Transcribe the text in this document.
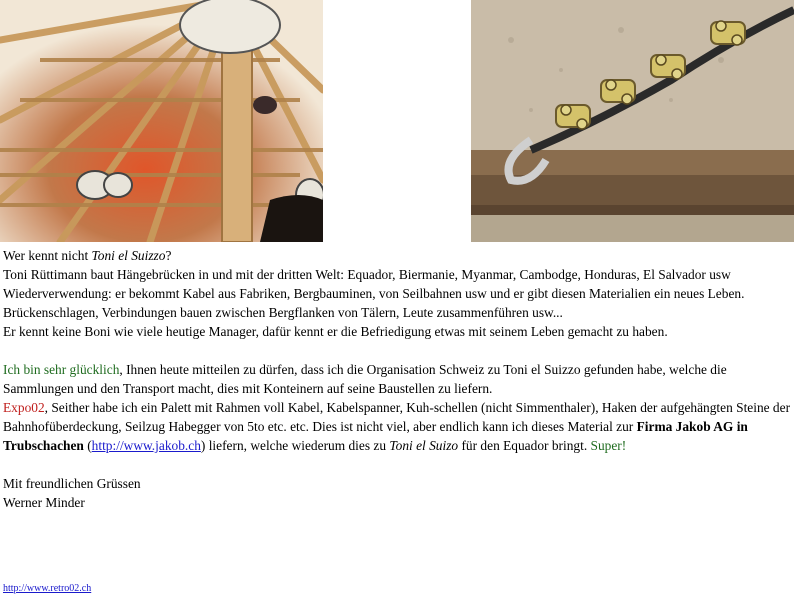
Wer kennt nicht Toni el Suizzo?

Toni Rüttimann baut Hängebrücken in und mit der dritten Welt: Equador, Biermanie, Myanmar, Cambodge, Honduras, El Salvador usw

Wiederverwendung: er bekommt Kabel aus Fabriken, Bergbauminen, von Seilbahnen usw und er gibt diesen Materialien ein neues Leben.

Brückenschlagen, Verbindungen bauen zwischen Bergflanken von Tälern, Leute zusammenführen usw...

Er kennt keine Boni wie viele heutige Manager, dafür kennt er die Befriedigung etwas mit seinem Leben gemacht zu haben.

Ich bin sehr glücklich, Ihnen heute mitteilen zu dürfen, dass ich die Organisation Schweiz zu Toni el Suizzo gefunden habe, welche die Sammlungen und den Transport macht, dies mit Konteinern auf seine Baustellen zu liefern.

Expo02, Seither habe ich ein Palett mit Rahmen voll Kabel, Kabelspanner, Kuh-schellen (nicht Simmenthaler), Haken der aufgehängten Steine der Bahnhofüberdeckung, Seilzug Habegger von 5to etc. etc. Dies ist nicht viel, aber endlich kann ich dieses Material zur Firma Jakob AG in Trubschachen (http://www.jakob.ch) liefern, welche wiederum dies zu Toni el Suizo für den Equador bringt. Super!

Mit freundlichen Grüssen

Werner Minder

http://www.retro02.ch
